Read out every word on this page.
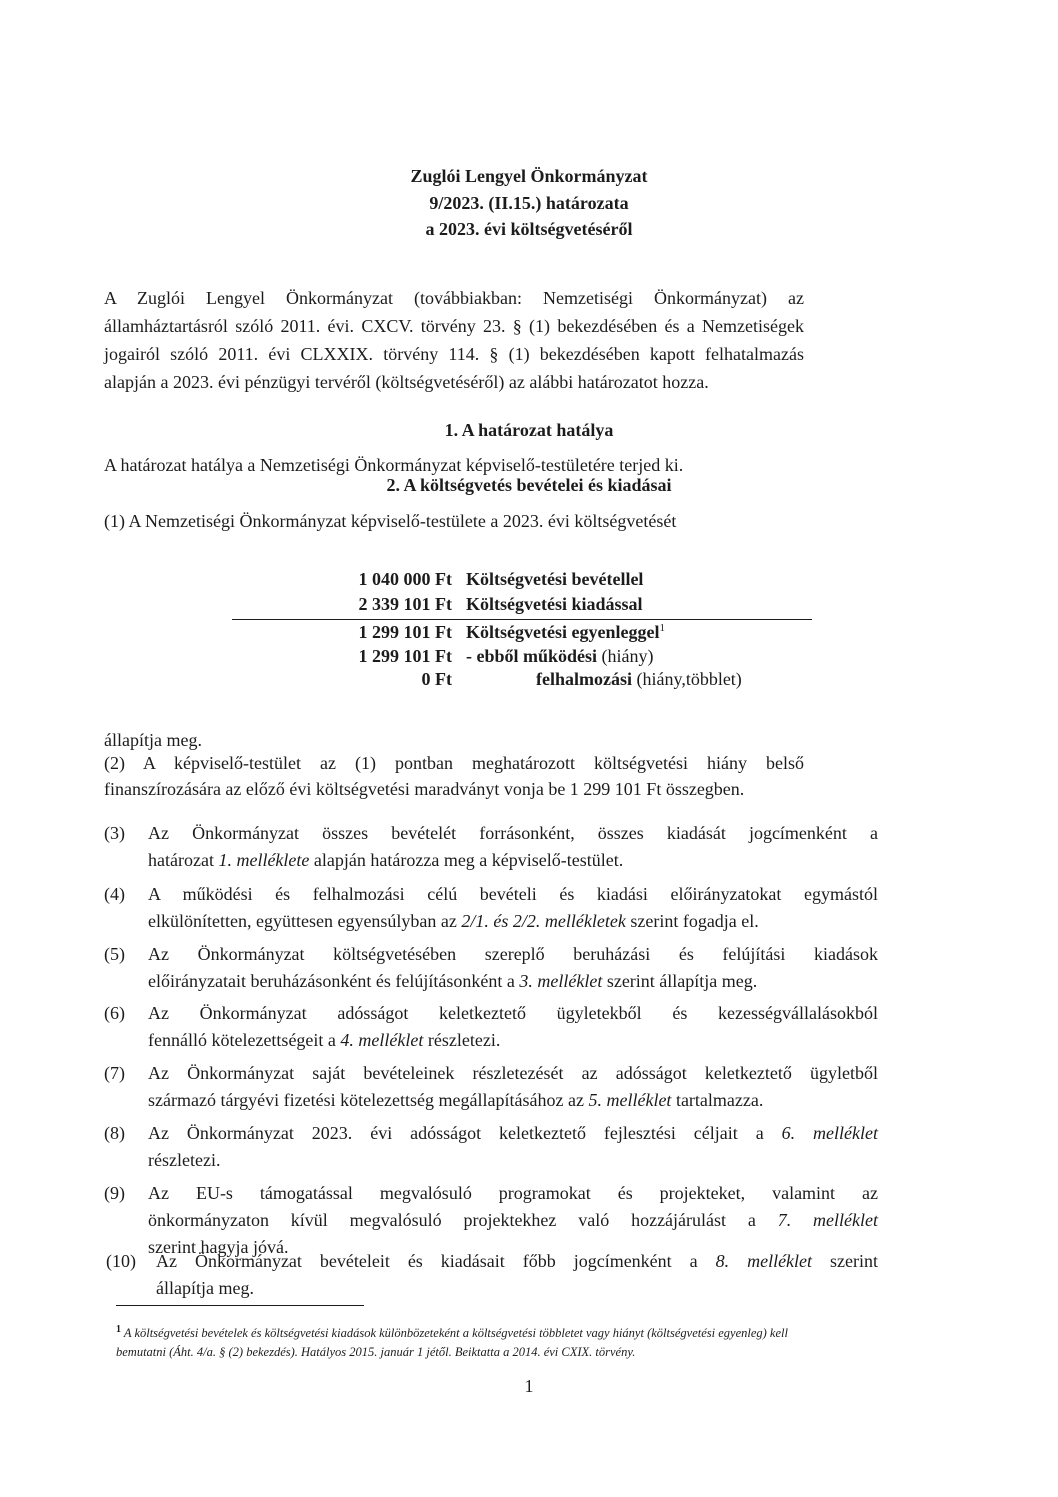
Zuglói Lengyel Önkormányzat
9/2023. (II.15.) határozata
a 2023. évi költségvetéséről
A Zuglói Lengyel Önkormányzat (továbbiakban: Nemzetiségi Önkormányzat) az
államháztartásról szóló 2011. évi. CXCV. törvény 23. § (1) bekezdésében és a Nemzetiségek
jogairól szóló 2011. évi CLXXIX. törvény 114. § (1) bekezdésében kapott felhatalmazás
alapján a 2023. évi pénzügyi tervéről (költségvetéséről) az alábbi határozatot hozza.
1. A határozat hatálya
A határozat hatálya a Nemzetiségi Önkormányzat képviselő-testületére terjed ki.
2. A költségvetés bevételei és kiadásai
(1) A Nemzetiségi Önkormányzat képviselő-testülete a 2023. évi költségvetését
1 040 000 Ft Költségvetési bevétellel
2 339 101 Ft Költségvetési kiadással
1 299 101 Ft Költségvetési egyenleggel$^1$
1 299 101 Ft - ebből működési (hiány)
0 Ft	felhalmozási (hiány,többlet)
állapítja meg.
(2) A képviselő-testület az (1) pontban meghatározott költségvetési hiány belső
finanszírozására az előző évi költségvetési maradványt vonja be 1 299 101 Ft összegben.
(3) Az Önkormányzat összes bevételét forrásonként, összes kiadását jogcímenként a
határozat 1. melléklete alapján határozza meg a képviselő-testület.
(4) A működési és felhalmozási célú bevételi és kiadási előirányzatokat egymástól
elkülönítetten, együttesen egyensúlyban az 2/1. és 2/2. mellékletek szerint fogadja el.
(5) Az Önkormányzat költségvetésében szereplő beruházási és felújítási kiadások
előirányzatait beruházásonként és felújításonként a 3. melléklet szerint állapítja meg.
(6) Az Önkormányzat adósságot keletkeztető ügyletekből és kezességvállalásokból
fennálló kötelezettségeit a 4. melléklet részletezi.
(7) Az Önkormányzat saját bevételeinek részletezését az adósságot keletkeztető ügyletből
származó tárgyévi fizetési kötelezettség megállapításához az 5. melléklet tartalmazza.
(8) Az Önkormányzat 2023. évi adósságot keletkeztető fejlesztési céljait a 6. melléklet
részletezi.
(9) Az EU-s támogatással megvalósuló programokat és projekteket, valamint az
önkormányzaton kívül megvalósuló projektekhez való hozzájárulást a 7. melléklet
szerint hagyja jóvá.
(10) Az Önkormányzat bevételeit és kiadásait főbb jogcímenként a 8. melléklet szerint
állapítja meg.
$^1$ A költségvetési bevételek és költségvetési kiadások különbözeteként a költségvetési többletet vagy hiányt (költségvetési egyenleg) kell
bemutatni (Áht. 4/a. § (2) bekezdés). Hatályos 2015. január 1 jétől. Beiktatta a 2014. évi CXIX. törvény.
1
